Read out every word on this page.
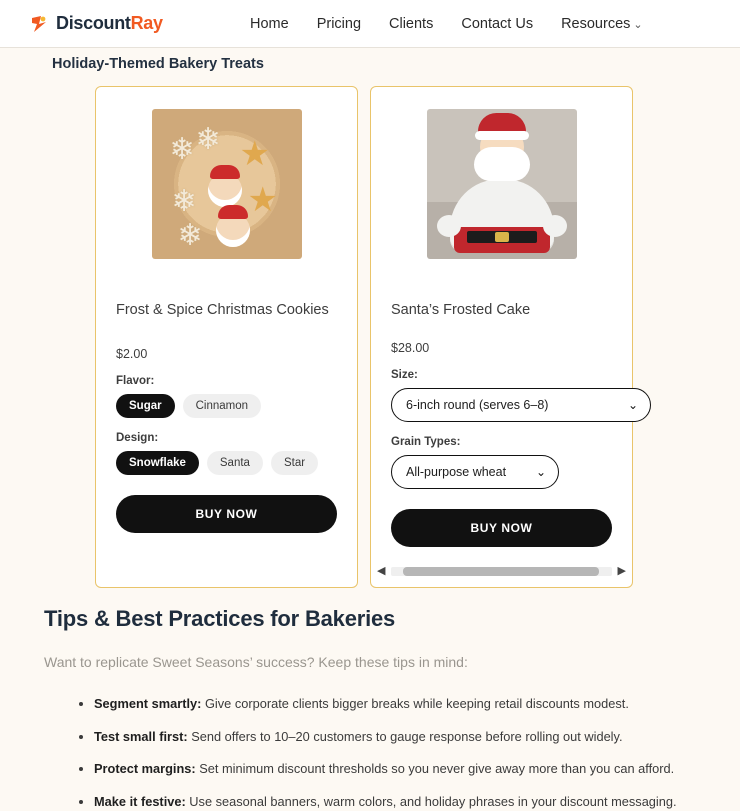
DiscountRay	Home Pricing Clients Contact Us Resources ⌄
Holiday-Themed Bakery Treats
❄ ❄ ★
★
❄
❄
Frost & Spice Christmas Cookies
$2.00
Flavor:
Sugar	Cinnamon
Design:
Snowflake	Santa	Star
BUY NOW
Santa’s Frosted Cake
$28.00
Size:
6-inch round (serves 6–8)	⌄
Grain Types:
All-purpose wheat ⌄
BUY NOW
◀	▶
Tips & Best Practices for Bakeries

Want to replicate Sweet Seasons’ success? Keep these tips in mind:

• Segment smartly: Give corporate clients bigger breaks while keeping retail discounts modest.
• Test small first: Send offers to 10–20 customers to gauge response before rolling out widely.
• Protect margins: Set minimum discount thresholds so you never give away more than you can afford.
• Make it festive: Use seasonal banners, warm colors, and holiday phrases in your discount messaging.
